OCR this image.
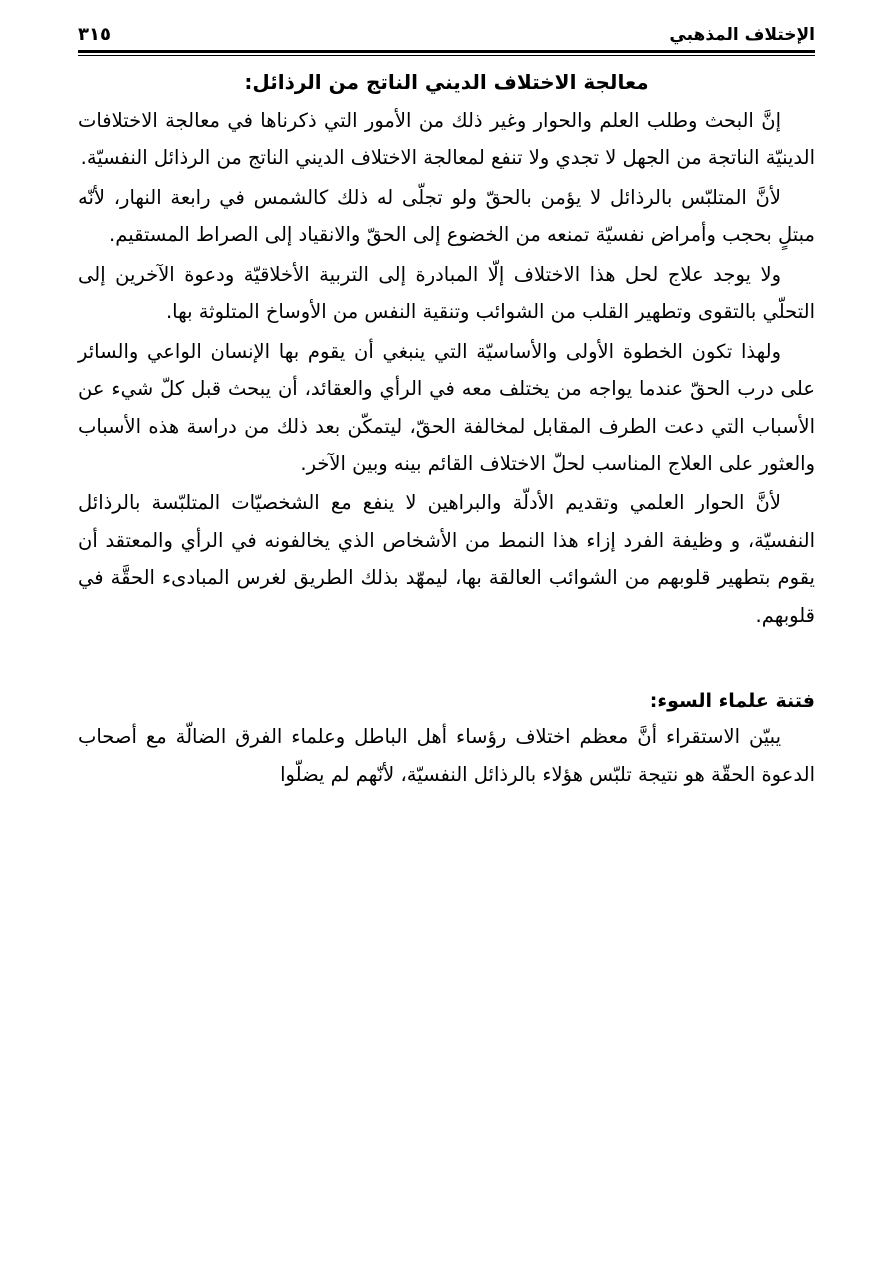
٣١٥	الإختلاف المذهبي
معالجة الاختلاف الديني الناتج من الرذائل:

إنَّ البحث وطلب العلم والحوار وغير ذلك من الأمور التي ذكرناها في معالجة الاختلافات الدينيّة الناتجة من الجهل لا تجدي ولا تنفع لمعالجة الاختلاف الديني الناتج من الرذائل النفسيّة.

لأنَّ المتلبّس بالرذائل لا يؤمن بالحقّ ولو تجلّى له ذلك كالشمس في رابعة النهار، لأنّه مبتلٍ بحجب وأمراض نفسيّة تمنعه من الخضوع إلى الحقّ والانقياد إلى الصراط المستقيم.

ولا يوجد علاج لحل هذا الاختلاف إلّا المبادرة إلى التربية الأخلاقيّة ودعوة الآخرين إلى التحلّي بالتقوى وتطهير القلب من الشوائب وتنقية النفس من الأوساخ المتلوثة بها.

ولهذا تكون الخطوة الأولى والأساسيّة التي ينبغي أن يقوم بها الإنسان الواعي والسائر على درب الحقّ عندما يواجه من يختلف معه في الرأي والعقائد، أن يبحث قبل كلّ شيء عن الأسباب التي دعت الطرف المقابل لمخالفة الحقّ، ليتمكّن بعد ذلك من دراسة هذه الأسباب والعثور على العلاج المناسب لحلّ الاختلاف القائم بينه وبين الآخر.

لأنَّ الحوار العلمي وتقديم الأدلّة والبراهين لا ينفع مع الشخصيّات المتلبّسة بالرذائل النفسيّة، و وظيفة الفرد إزاء هذا النمط من الأشخاص الذي يخالفونه في الرأي والمعتقد أن يقوم بتطهير قلوبهم من الشوائب العالقة بها، ليمهّد بذلك الطريق لغرس المبادىء الحقَّة في قلوبهم.

فتنة علماء السوء:

يبيّن الاستقراء أنَّ معظم اختلاف رؤساء أهل الباطل وعلماء الفرق الضالّة مع أصحاب الدعوة الحقّة هو نتيجة تلبّس هؤلاء بالرذائل النفسيّة، لأنّهم لم يضلّوا
